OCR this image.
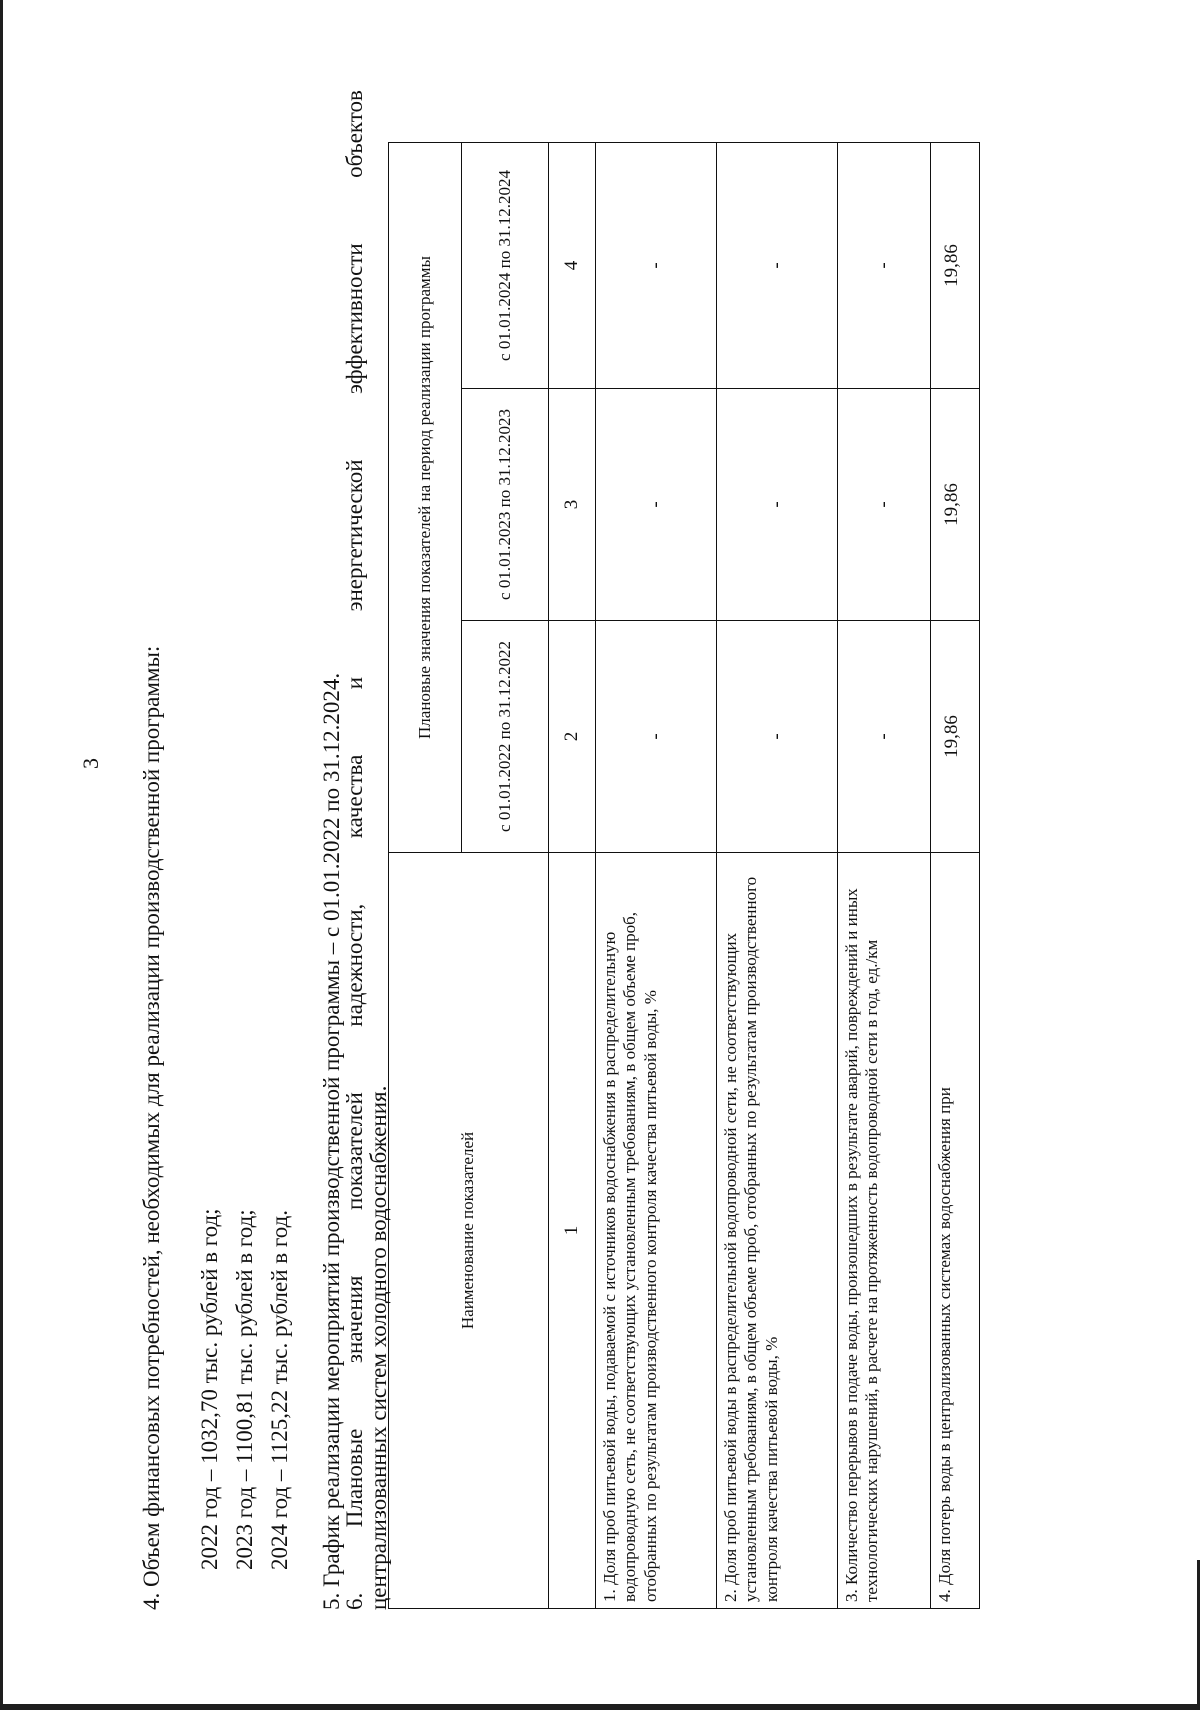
3 4. Объем финансовых потребностей, необходимых для реализации производственной программы: 2022 год – 1032,70 тыс. рублей в год; 2023 год – 1100,81 тыс. рублей в год; 2024 год – 1125,22 тыс. рублей в год. 5. График реализации мероприятий производственной программы – с 01.01.2022 по 31.12.2024.
6.
Плановые
значения
показателей
надежности,
качества
и
энергетической
эффективности
объектов
централизованных систем холодного водоснабжения.	Наименование показателей	Плановые значения показателей на период реализации программы		
	с 01.01.2022 по 31.12.2022	с 01.01.2023 по 31.12.2023	с 01.01.2024 по 31.12.2024
1	2	3	4
1. Доля проб питьевой воды, подаваемой с источников водоснабжения в распределительную водопроводную сеть, не соответствующих установленным требованиям, в общем объеме проб, отобранных по результатам производственного контроля качества питьевой воды, %	-	-	-
2. Доля проб питьевой воды в распределительной водопроводной сети, не соответствующих установленным требованиям, в общем объеме проб, отобранных по результатам производственного контроля качества питьевой воды, %	-	-	-
3. Количество перерывов в подаче воды, произошедших в результате аварий, повреждений и иных технологических нарушений, в расчете на протяженность водопроводной сети в год, ед./км	-	-	-
4. Доля потерь воды в централизованных системах водоснабжения при	19,86	19,86	19,86
